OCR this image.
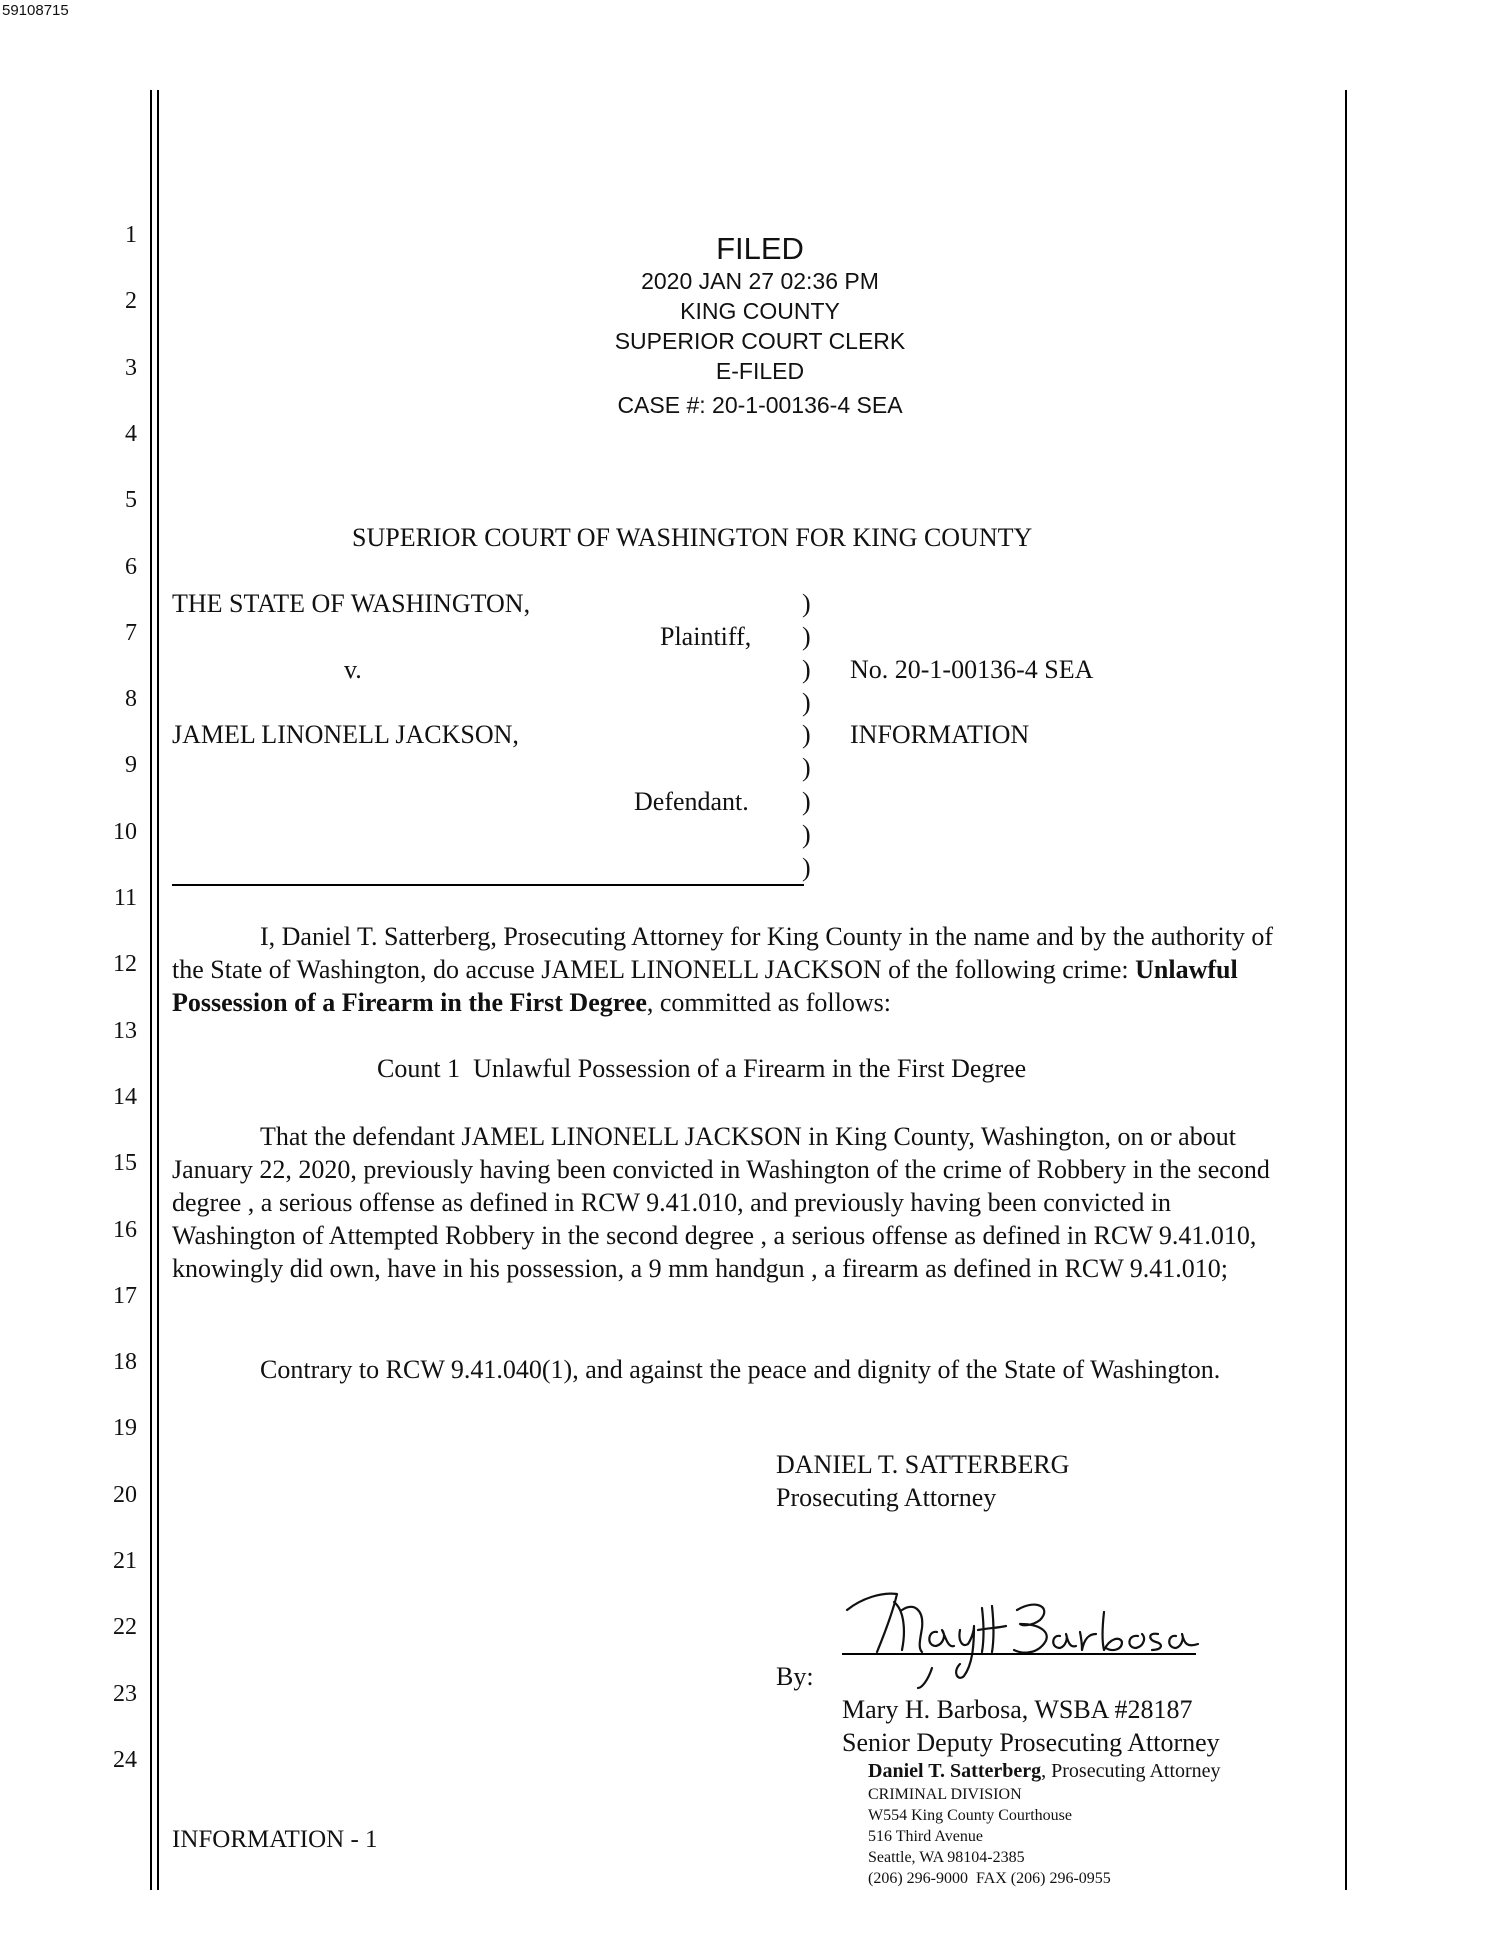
59108715
1
2
3
4
5
6
7
8
9
10
11
12
13
14
15
16
17
18
19
20
21
22
23
24
FILED
2020 JAN 27 02:36 PM
KING COUNTY
SUPERIOR COURT CLERK
E-FILED
CASE #: 20-1-00136-4 SEA
SUPERIOR COURT OF WASHINGTON FOR KING COUNTY
THE STATE OF WASHINGTON,
Plaintiff,
v.
JAMEL LINONELL JACKSON,
Defendant.
)
)
)
)
)
)
)
)
)
No. 20-1-00136-4 SEA
INFORMATION
I, Daniel T. Satterberg, Prosecuting Attorney for King County in the name and by the authority of the State of Washington, do accuse JAMEL LINONELL JACKSON of the following crime: Unlawful Possession of a Firearm in the First Degree, committed as follows:
Count 1  Unlawful Possession of a Firearm in the First Degree
That the defendant JAMEL LINONELL JACKSON in King County, Washington, on or about January 22, 2020, previously having been convicted in Washington of the crime of Robbery in the second degree , a serious offense as defined in RCW 9.41.010, and previously having been convicted in Washington of Attempted Robbery in the second degree , a serious offense as defined in RCW 9.41.010, knowingly did own, have in his possession, a 9 mm handgun , a firearm as defined in RCW 9.41.010;
Contrary to RCW 9.41.040(1), and against the peace and dignity of the State of Washington.
DANIEL T. SATTERBERG
Prosecuting Attorney
By:
Mary H. Barbosa, WSBA #28187
Senior Deputy Prosecuting Attorney
INFORMATION - 1
Daniel T. Satterberg, Prosecuting Attorney
CRIMINAL DIVISION
W554 King County Courthouse
516 Third Avenue
Seattle, WA 98104-2385
(206) 296-9000  FAX (206) 296-0955
